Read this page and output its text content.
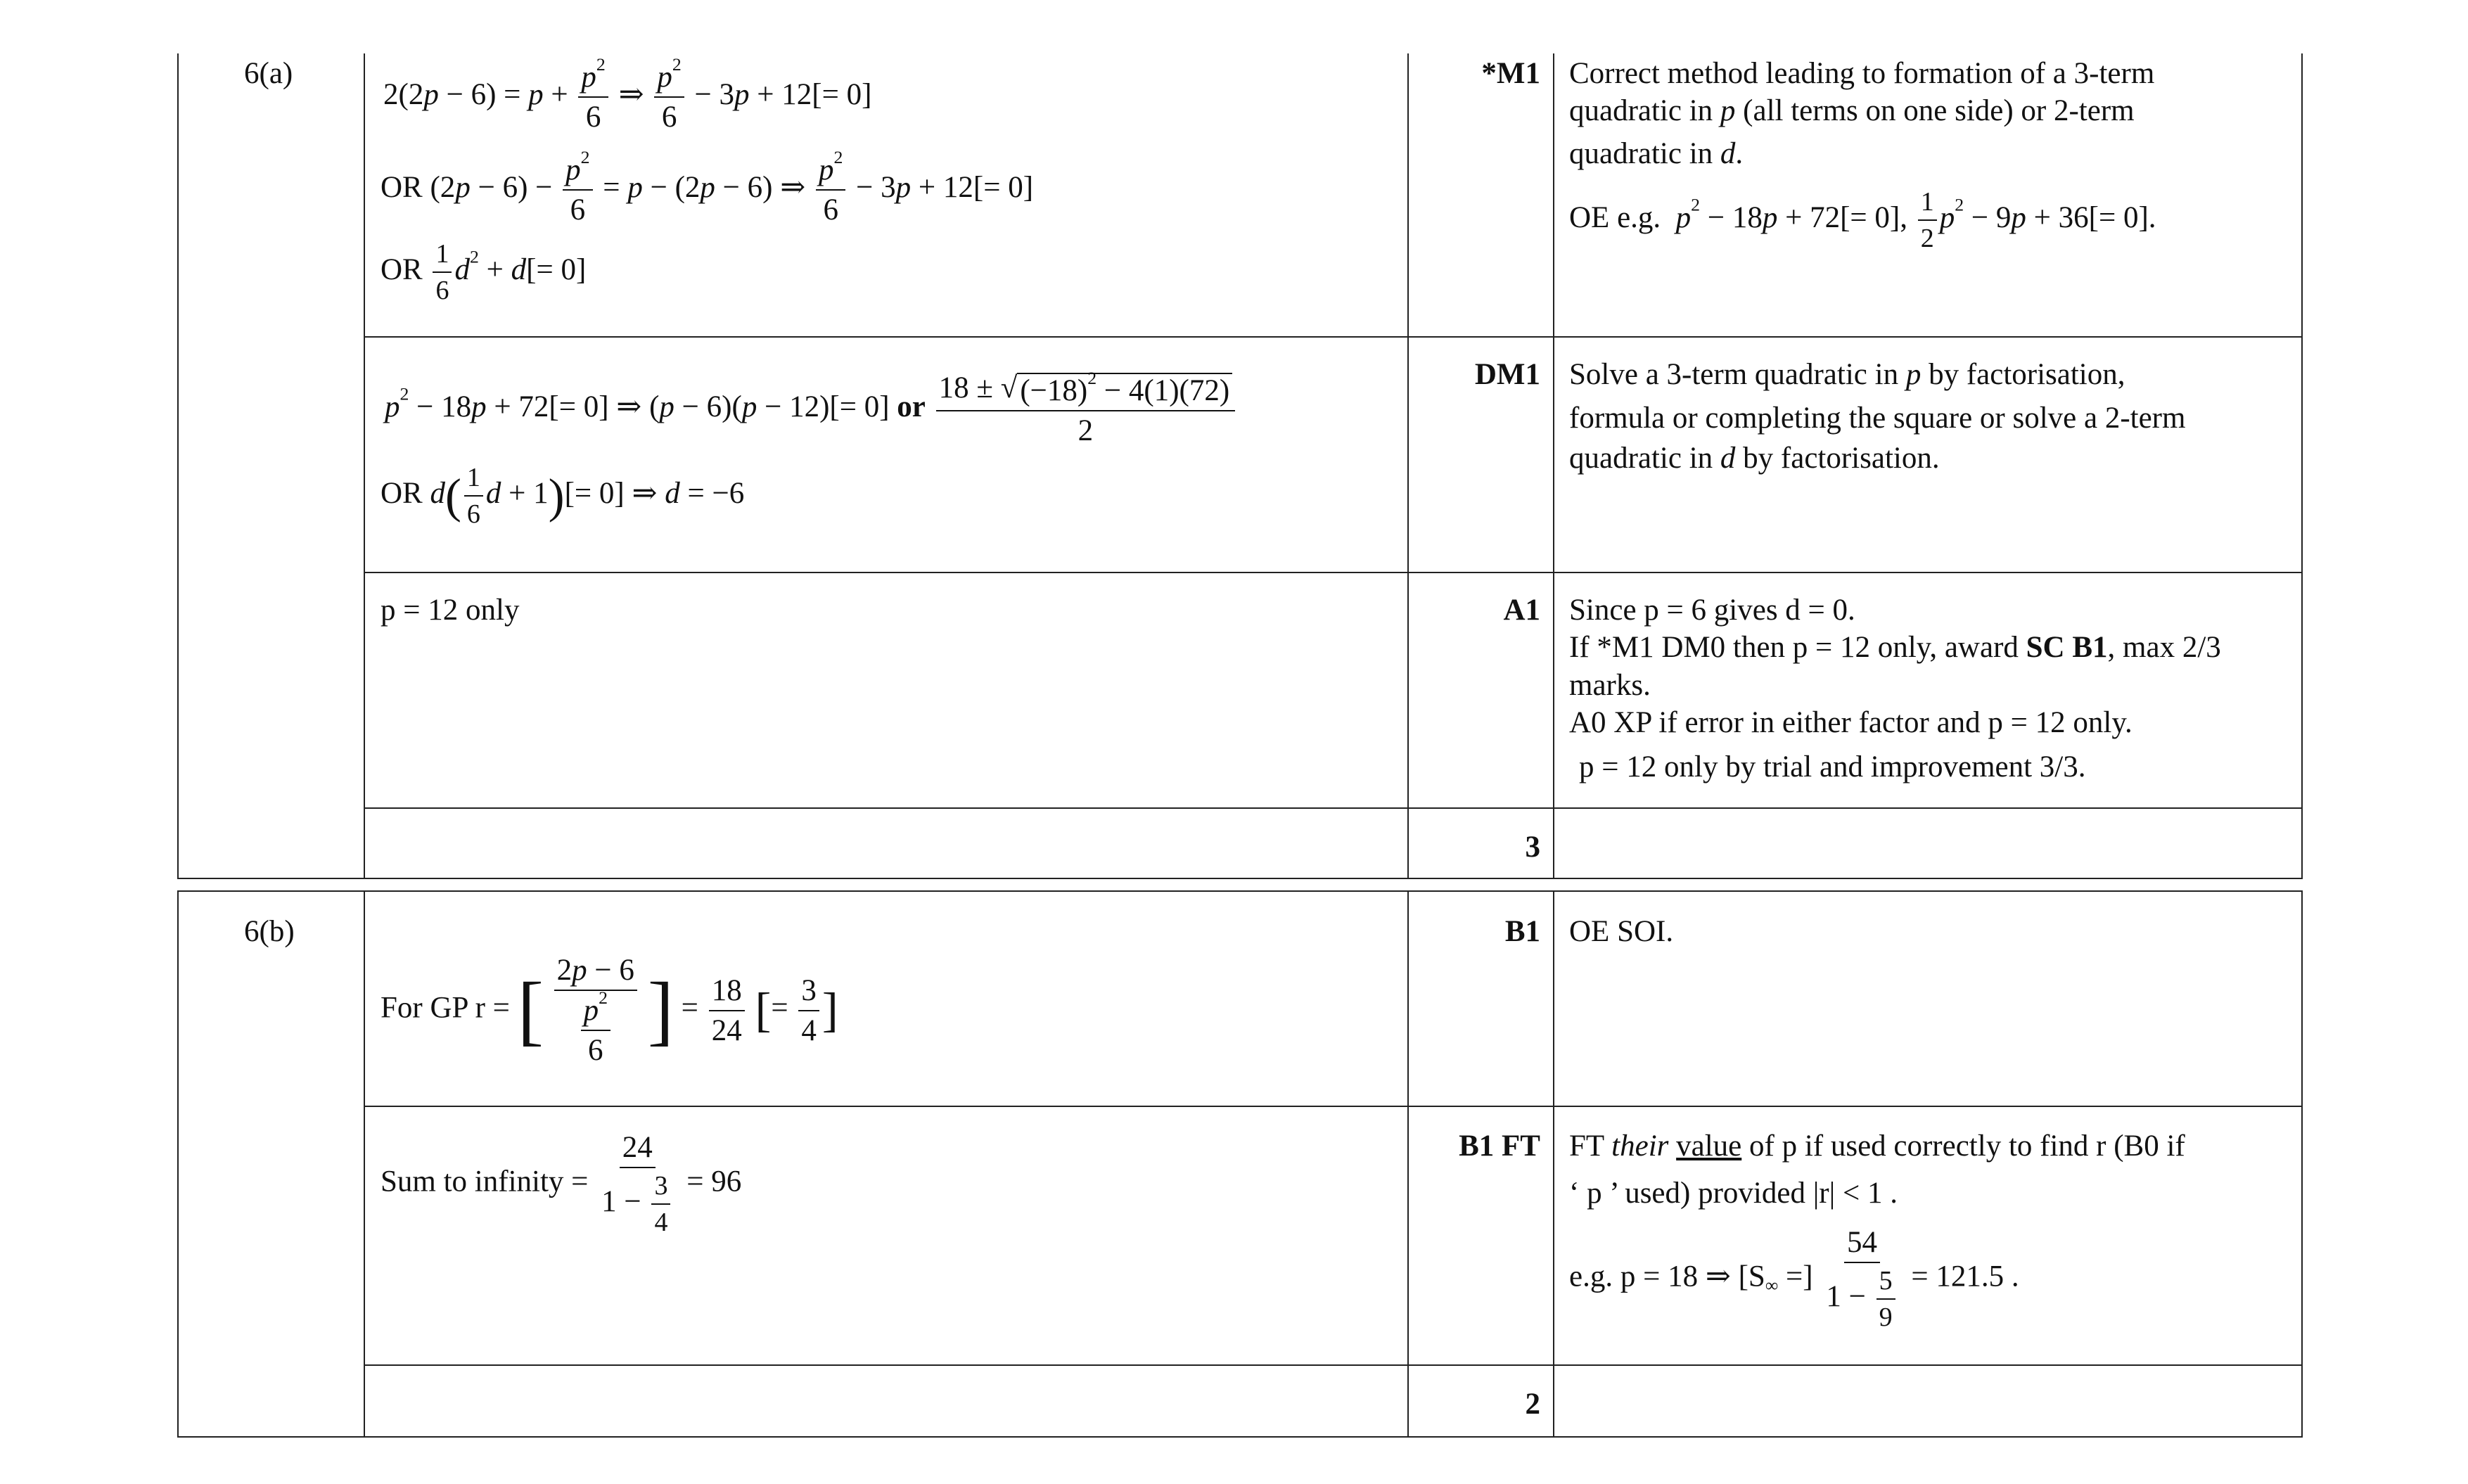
6(a)
$2(2p - 6) = p + \frac{p^2}{6}$ ⇒ $\frac{p^2}{6} - 3p + 12[= 0]$
OR $(2p - 6) - \frac{p^2}{6} = p - (2p - 6)$ ⇒ $\frac{p^2}{6} - 3p + 12[= 0]$
OR $\frac{1}{6} d^2 + d[= 0]$
*M1 Correct method leading to formation of a 3-term
quadratic in p (all terms on one side) or 2-term
quadratic in d.
OE e.g. $p^2 - 18p + 72[= 0]$, $\frac{1}{2} p^2 - 9p + 36[= 0]$.
$p^2 - 18p + 72[= 0]$ ⇒ (p − 6)(p − 12)[= 0] or $\frac{18 \pm √ (-18)^2 - 4(1)(72)}{2}$
OR $d( \frac{1}{6}$ d + 1)[= 0] ⇒ d = −6
DM1 Solve a 3-term quadratic in p by factorisation,
formula or completing the square or solve a 2-term
quadratic in d by factorisation.
p = 12 only	A1 Since p = 6 gives d = 0.
If *M1 DM0 then p = 12 only, award SC B1, max 2/3
marks.
A0 XP if error in either factor and p = 12 only.
p = 12 only by trial and improvement 3/3.
3
6(b)
For GP r = [ $\frac{2p - 6}{\frac{p^2}{6}}$ ] = $\frac{18}{24}$ [= $\frac{3}{4}$ ]
B1 OE SOI.
Sum to infinity = $\frac{24}{1 - \frac{3}{4}} = 96$
B1 FT FT their value of p if used correctly to find r (B0 if
‘ p ’ used) provided |r| < 1 .
e.g. p = 18 ⇒ [$S_\infty$ =] $\frac{54}{1 - \frac{5}{9}} = 121.5$ .
2
